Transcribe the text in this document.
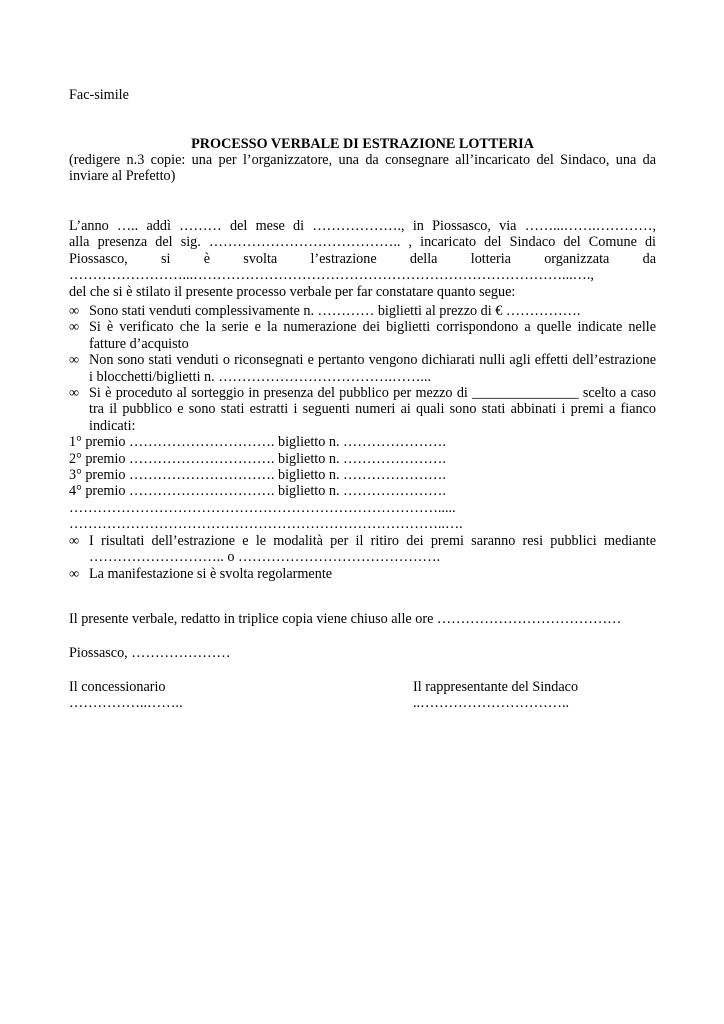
Fac-simile
PROCESSO VERBALE DI ESTRAZIONE LOTTERIA
(redigere n.3 copie: una per l’organizzatore, una da consegnare all’incaricato del Sindaco, una da inviare al Prefetto)
L’anno ….. addì ……… del mese di ………………., in Piossasco, via ……...…….…………,
alla presenza del sig. ………………………………….. , incaricato del Sindaco del Comune di
Piossasco, si è svolta l’estrazione della lotteria organizzata da
……………………...……………………………………………………………………...….,
del che si è stilato il presente processo verbale per far constatare quanto segue:
∞ Sono stati venduti complessivamente n. ………… biglietti al prezzo di € …………….
∞ Si è verificato che la serie e la numerazione dei biglietti corrispondono a quelle indicate nelle fatture d’acquisto
∞ Non sono stati venduti o riconsegnati e pertanto vengono dichiarati nulli agli effetti dell’estrazione i blocchetti/biglietti n. ……………………………….……...
∞ Si è proceduto al sorteggio in presenza del pubblico per mezzo di _______________ scelto a caso tra il pubblico e sono stati estratti i seguenti numeri ai quali sono stati abbinati i premi a fianco indicati:
1° premio …………………………. biglietto n. ………………….
2° premio …………………………. biglietto n. ………………….
3° premio …………………………. biglietto n. ………………….
4° premio …………………………. biglietto n. ………………….
…………………………………………………………………….....
……………………………………………………………………..….
∞ I risultati dell’estrazione e le modalità per il ritiro dei premi saranno resi pubblici mediante ……………………….. o …………………………………….
∞ La manifestazione si è svolta regolarmente
Il presente verbale, redatto in triplice copia viene chiuso alle ore …………………………………
Piossasco, …………………
Il concessionario
……………..……..
Il rappresentante del Sindaco
..…………………………..
